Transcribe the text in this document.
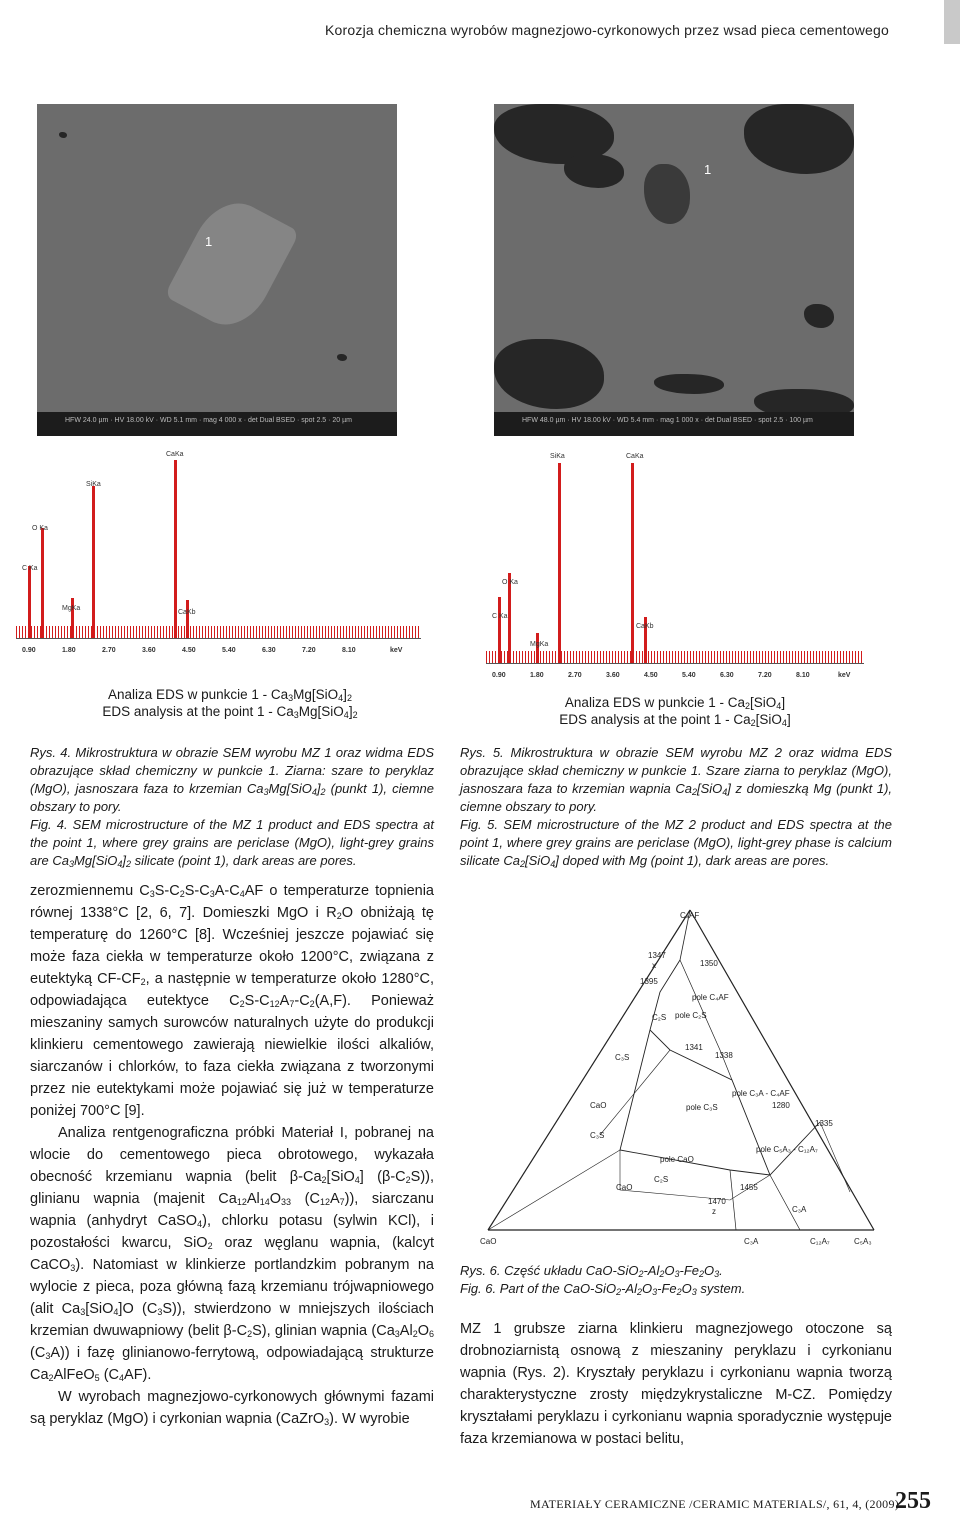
Korozja chemiczna wyrobów magnezjowo-cyrkonowych przez wsad pieca cementowego
1
HFW 24.0 µm · HV 18.00 kV · WD 5.1 mm · mag 4 000 x · det Dual BSED · spot 2.5 · 20 µm
1
HFW 48.0 µm · HV 18.00 kV · WD 5.4 mm · mag 1 000 x · det Dual BSED · spot 2.5 · 100 µm
CaKa
SiKa
O Ka
C Ka
MgKa
CaKb
0.90	1.80	2.70	3.60	4.50	5.40	6.30	7.20	8.10	keV
SiKa	CaKa
O Ka
C Ka
MgKa
CaKb
0.90	1.80	2.70	3.60	4.50	5.40	6.30	7.20	8.10	keV
Analiza EDS w punkcie $1 - Ca_3Mg[SiO_4]_2$
EDS analysis at the point $1 - Ca_3Mg[SiO_4]_2$
Analiza EDS w punkcie $1 - Ca_2[SiO_4]$
EDS analysis at the point $1 - Ca_2[SiO_4]$
Rys. 4. Mikrostruktura w obrazie SEM wyrobu MZ 1 oraz widma EDS obrazujące skład chemiczny w punkcie 1. Ziarna: szare to peryklaz (MgO), jasnoszara faza to krzemian $Ca_3Mg[SiO_4]_2$ (punkt 1), ciemne obszary to pory.
Fig. 4. SEM microstructure of the MZ 1 product and EDS spectra at the point 1, where grey grains are periclase (MgO), light-grey grains are $Ca_3Mg[SiO_4]_2$ silicate (point 1), dark areas are pores.
Rys. 5. Mikrostruktura w obrazie SEM wyrobu MZ 2 oraz widma EDS obrazujące skład chemiczny w punkcie 1. Szare ziarna to peryklaz (MgO), jasnoszara faza to krzemian wapnia $Ca_2[SiO_4]$ z domieszką Mg (punkt 1), ciemne obszary to pory.
Fig. 5. SEM microstructure of the MZ 2 product and EDS spectra at the point 1, where grey grains are periclase (MgO), light-grey phase is calcium silicate $Ca_2[SiO_4]$ doped with Mg (point 1), dark areas are pores.

zerozmiennemu $C_3S-C_2S-C_3A-C_4AF$ o temperaturze topnienia równej 1338°C [2, 6, 7]. Domieszki MgO i $R_2O$ obniżają tę temperaturę do 1260°C [8]. Wcześniej jeszcze pojawiać się może faza ciekła w temperaturze około 1200°C, związana z eutektyką $CF-CF_2$, a następnie w temperaturze około 1280°C, odpowiadająca eutektyce $C_2S-C_{12}A_7-C_2(A,F)$. Ponieważ mieszaniny samych surowców naturalnych użyte do produkcji klinkieru cementowego zawierają niewielkie ilości alkaliów, siarczanów i chlorków, to faza ciekła związana z tworzonymi przez nie eutektykami może pojawiać się już w temperaturze poniżej 700°C [9].

Analiza rentgenograficzna próbki Materiał I, pobranej na wlocie do cementowego pieca obrotowego, wykazała obecność krzemianu wapnia (belit $\beta-Ca_2[SiO_4]$ $(\beta-C_2S)$), glinianu wapnia (majenit $Ca_{12}Al_{14}O_{33}$ $(C_{12}A_7)$), siarczanu wapnia (anhydryt CaSO$_4$), chlorku potasu (sylwin KCl), i pozostałości kwarcu, SiO$_2$ oraz węglanu wapnia, (kalcyt CaCO$_3$). Natomiast w klinkierze portlandzkim pobranym na wylocie z pieca, poza główną fazą krzemianu trójwapniowego (alit $Ca_3[SiO_4]O$ $(C_3S)$), stwierdzono w mniejszych ilościach krzemian dwuwapniowy (belit $\beta-C_2S$), glinian wapnia ($Ca_3Al_2O_6$ $(C_3A)$) i fazę glinianowo-ferrytową, odpowiadającą strukturze $Ca_2AlFeO_5$ $(C_4AF)$.

W wyrobach magnezjowo-cyrkonowych głównymi fazami są peryklaz (MgO) i cyrkonian wapnia (CaZrO$_3$). W wyrobie

C₄AF
1347
x	1350
1395
pole C₄AF
C₂S
C₃S
pole C₂S
1338
1341
CaO	pole C₃S
pole C₃A - C₄AF
1280
C₃S
1335
pole C₅A₃ - C₁₂A₇
pole CaO
C₂S
CaO	1455
1470
z	C₃A
CaO	C₃A	C₁₂A₇	C₅A₃
Rys. 6. Część układu CaO-$SiO_2-Al_2O_3-Fe_2O_3$.
Fig. 6. Part of the CaO-$SiO_2-Al_2O_3-Fe_2O_3$ system.

MZ 1 grubsze ziarna klinkieru magnezjowego otoczone są drobnoziarnistą osnową z mieszaniny peryklazu i cyrkonianu wapnia (Rys. 2). Kryształy peryklazu i cyrkonianu wapnia tworzą charakterystyczne zrosty międzykrystaliczne M-CZ. Pomiędzy kryształami peryklazu i cyrkonianu wapnia sporadycznie występuje faza krzemianowa w postaci belitu,

MATERIAŁY CERAMICZNE /CERAMIC MATERIALS/, 61, 4, (2009)
255
